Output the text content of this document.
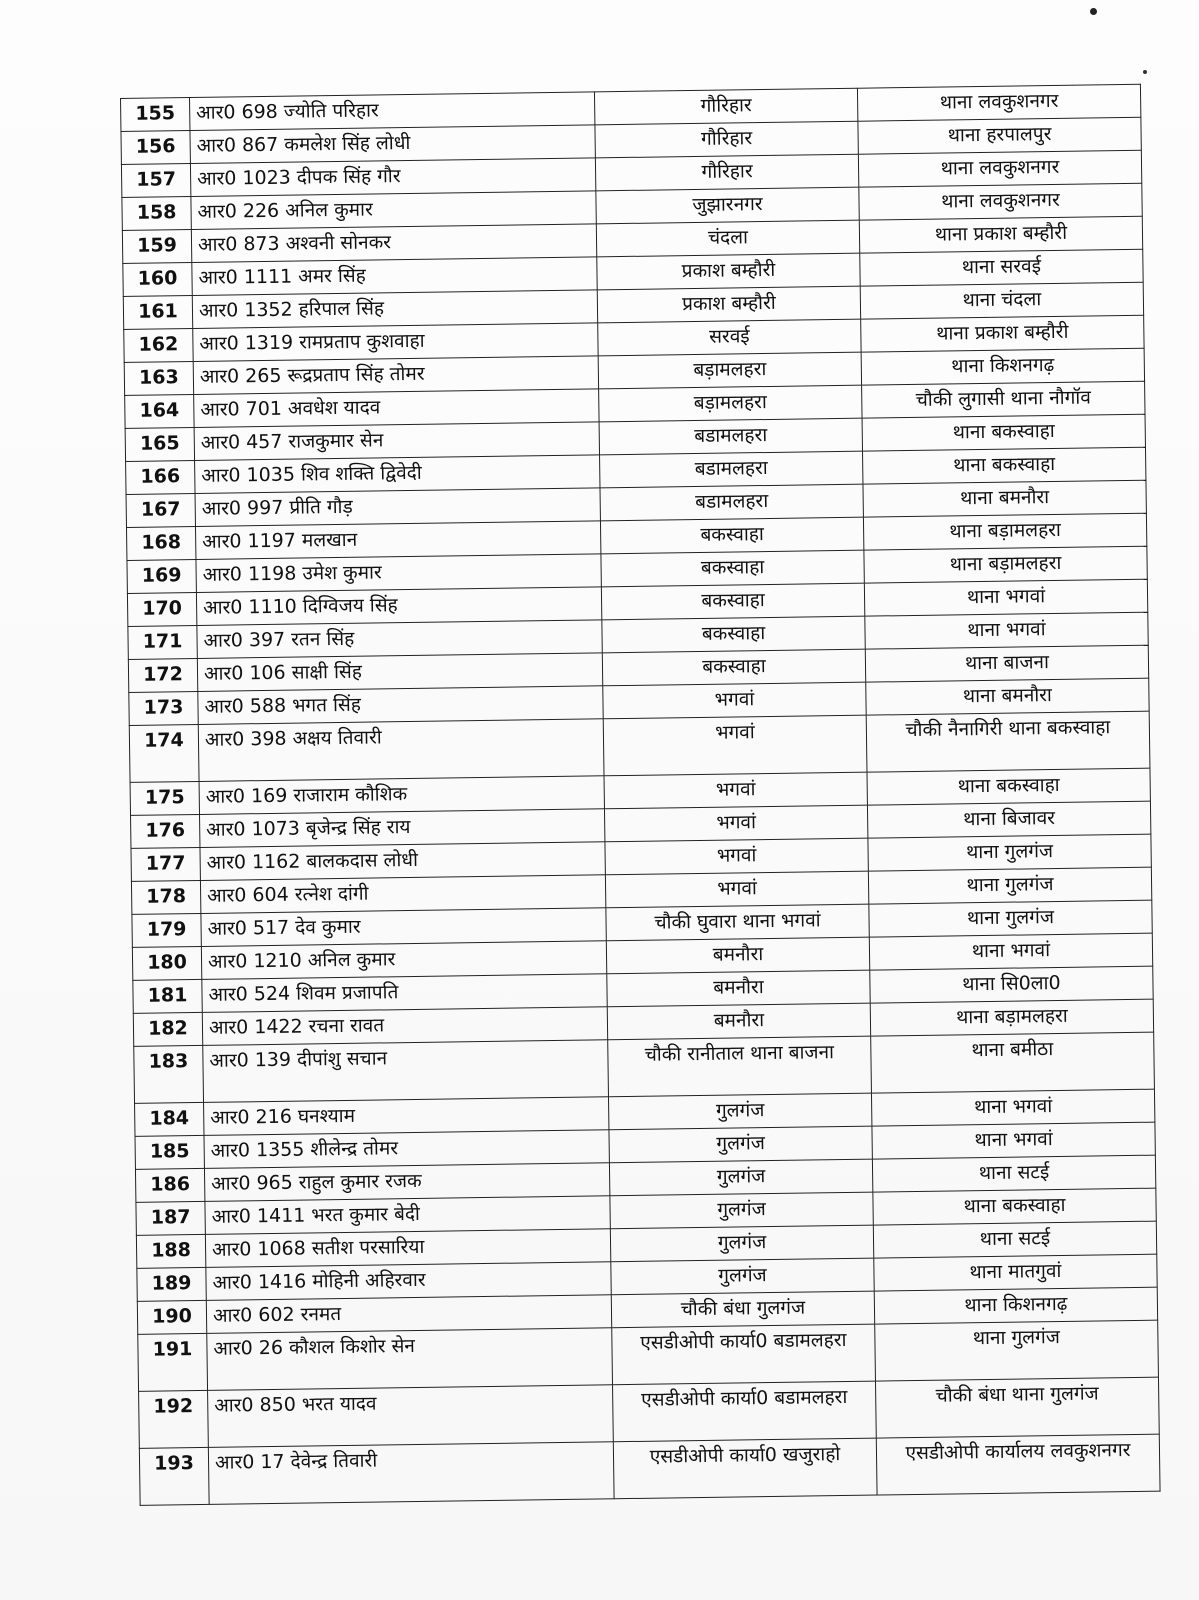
155	आर0 698 ज्योति परिहार	गौरिहार	थाना लवकुशनगर
156	आर0 867 कमलेश सिंह लोधी	गौरिहार	थाना हरपालपुर
157	आर0 1023 दीपक सिंह गौर	गौरिहार	थाना लवकुशनगर
158	आर0 226 अनिल कुमार	जुझारनगर	थाना लवकुशनगर
159	आर0 873 अश्वनी सोनकर	चंदला	थाना प्रकाश बम्हौरी
160	आर0 1111 अमर सिंह	प्रकाश बम्हौरी	थाना सरवई
161	आर0 1352 हरिपाल सिंह	प्रकाश बम्हौरी	थाना चंदला
162	आर0 1319 रामप्रताप कुशवाहा	सरवई	थाना प्रकाश बम्हौरी
163	आर0 265 रूद्रप्रताप सिंह तोमर	बड़ामलहरा	थाना किशनगढ़
164	आर0 701 अवधेश यादव	बड़ामलहरा	चौकी लुगासी थाना नौगॉव
165	आर0 457 राजकुमार सेन	बडामलहरा	थाना बकस्वाहा
166	आर0 1035 शिव शक्ति द्विवेदी	बडामलहरा	थाना बकस्वाहा
167	आर0 997 प्रीति गौड़	बडामलहरा	थाना बमनौरा
168	आर0 1197 मलखान	बकस्वाहा	थाना बड़ामलहरा
169	आर0 1198 उमेश कुमार	बकस्वाहा	थाना बड़ामलहरा
170	आर0 1110 दिग्विजय सिंह	बकस्वाहा	थाना भगवां
171	आर0 397 रतन सिंह	बकस्वाहा	थाना भगवां
172	आर0 106 साक्षी सिंह	बकस्वाहा	थाना बाजना
173	आर0 588 भगत सिंह	भगवां	थाना बमनौरा
174	आर0 398 अक्षय तिवारी	भगवां	चौकी नैनागिरी थाना बकस्वाहा
175	आर0 169 राजाराम कौशिक	भगवां	थाना बकस्वाहा
176	आर0 1073 बृजेन्द्र सिंह राय	भगवां	थाना बिजावर
177	आर0 1162 बालकदास लोधी	भगवां	थाना गुलगंज
178	आर0 604 रत्नेश दांगी	भगवां	थाना गुलगंज
179	आर0 517 देव कुमार	चौकी घुवारा थाना भगवां	थाना गुलगंज
180	आर0 1210 अनिल कुमार	बमनौरा	थाना भगवां
181	आर0 524 शिवम प्रजापति	बमनौरा	थाना सि0ला0
182	आर0 1422 रचना रावत	बमनौरा	थाना बड़ामलहरा
183	आर0 139 दीपांशु सचान	चौकी रानीताल थाना बाजना	थाना बमीठा
184	आर0 216 घनश्याम	गुलगंज	थाना भगवां
185	आर0 1355 शीलेन्द्र तोमर	गुलगंज	थाना भगवां
186	आर0 965 राहुल कुमार रजक	गुलगंज	थाना सटई
187	आर0 1411 भरत कुमार बेदी	गुलगंज	थाना बकस्वाहा
188	आर0 1068 सतीश परसारिया	गुलगंज	थाना सटई
189	आर0 1416 मोहिनी अहिरवार	गुलगंज	थाना मातगुवां
190	आर0 602 रनमत	चौकी बंधा गुलगंज	थाना किशनगढ़
191	आर0 26 कौशल किशोर सेन	एसडीओपी कार्या0 बडामलहरा	थाना गुलगंज
192	आर0 850 भरत यादव	एसडीओपी कार्या0 बडामलहरा	चौकी बंधा थाना गुलगंज
193	आर0 17 देवेन्द्र तिवारी	एसडीओपी कार्या0 खजुराहो	एसडीओपी कार्यालय लवकुशनगर
